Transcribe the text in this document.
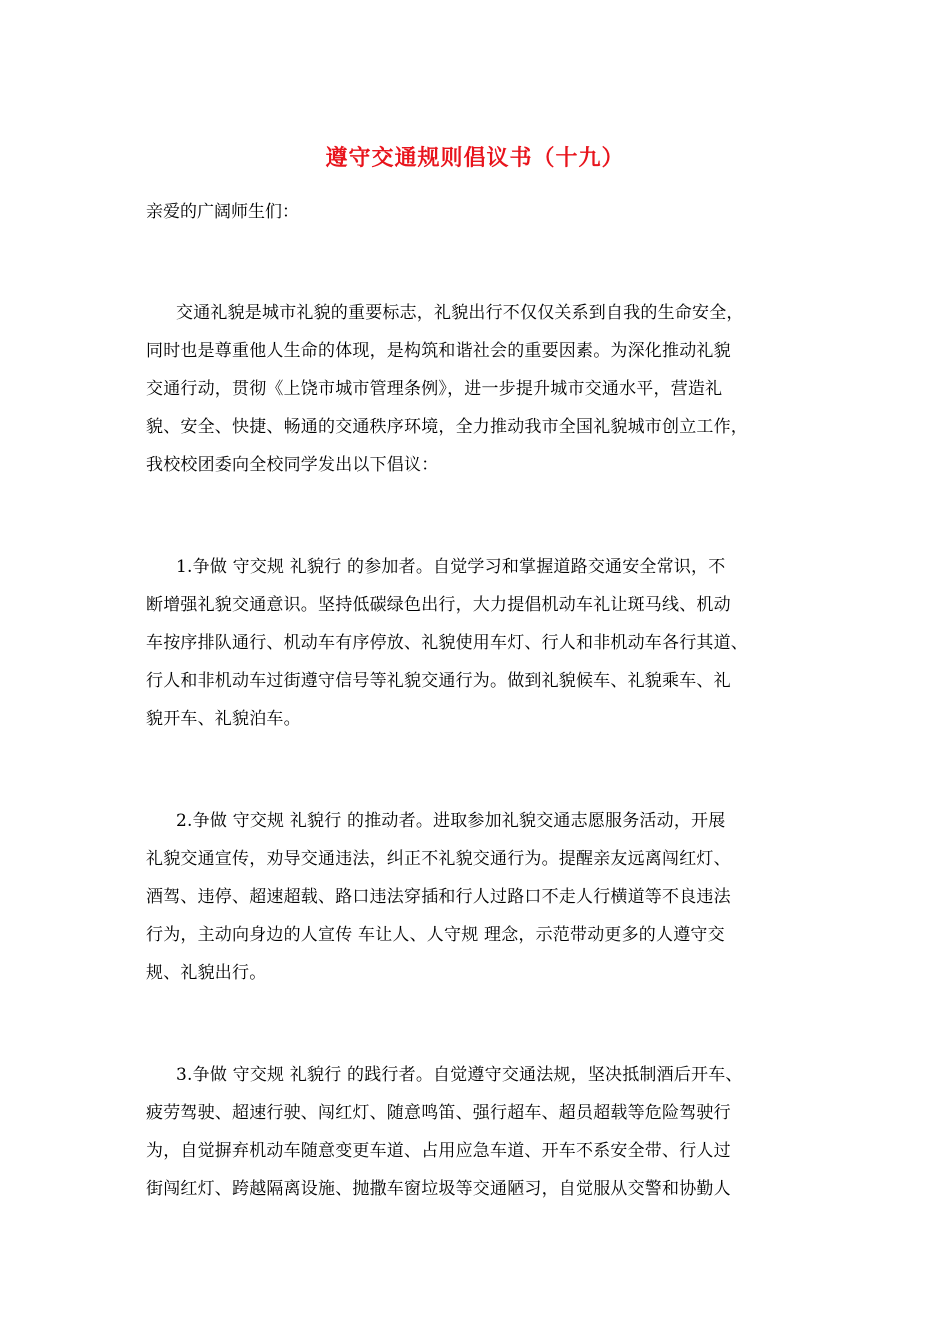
遵守交通规则倡议书（十九）
亲爱的广阔师生们：
交通礼貌是城市礼貌的重要标志，礼貌出行不仅仅关系到自我的生命安全，
同时也是尊重他人生命的体现，是构筑和谐社会的重要因素。为深化推动礼貌
交通行动，贯彻《上饶市城市管理条例》，进一步提升城市交通水平，营造礼
貌、安全、快捷、畅通的交通秩序环境，全力推动我市全国礼貌城市创立工作，
我校校团委向全校同学发出以下倡议：
1.争做 守交规 礼貌行 的参加者。自觉学习和掌握道路交通安全常识，不
断增强礼貌交通意识。坚持低碳绿色出行，大力提倡机动车礼让斑马线、机动
车按序排队通行、机动车有序停放、礼貌使用车灯、行人和非机动车各行其道、
行人和非机动车过街遵守信号等礼貌交通行为。做到礼貌候车、礼貌乘车、礼
貌开车、礼貌泊车。
2.争做 守交规 礼貌行 的推动者。进取参加礼貌交通志愿服务活动，开展
礼貌交通宣传，劝导交通违法，纠正不礼貌交通行为。提醒亲友远离闯红灯、
酒驾、违停、超速超载、路口违法穿插和行人过路口不走人行横道等不良违法
行为，主动向身边的人宣传 车让人、人守规 理念，示范带动更多的人遵守交
规、礼貌出行。
3.争做 守交规 礼貌行 的践行者。自觉遵守交通法规，坚决抵制酒后开车、
疲劳驾驶、超速行驶、闯红灯、随意鸣笛、强行超车、超员超载等危险驾驶行
为，自觉摒弃机动车随意变更车道、占用应急车道、开车不系安全带、行人过
街闯红灯、跨越隔离设施、抛撒车窗垃圾等交通陋习，自觉服从交警和协勤人
